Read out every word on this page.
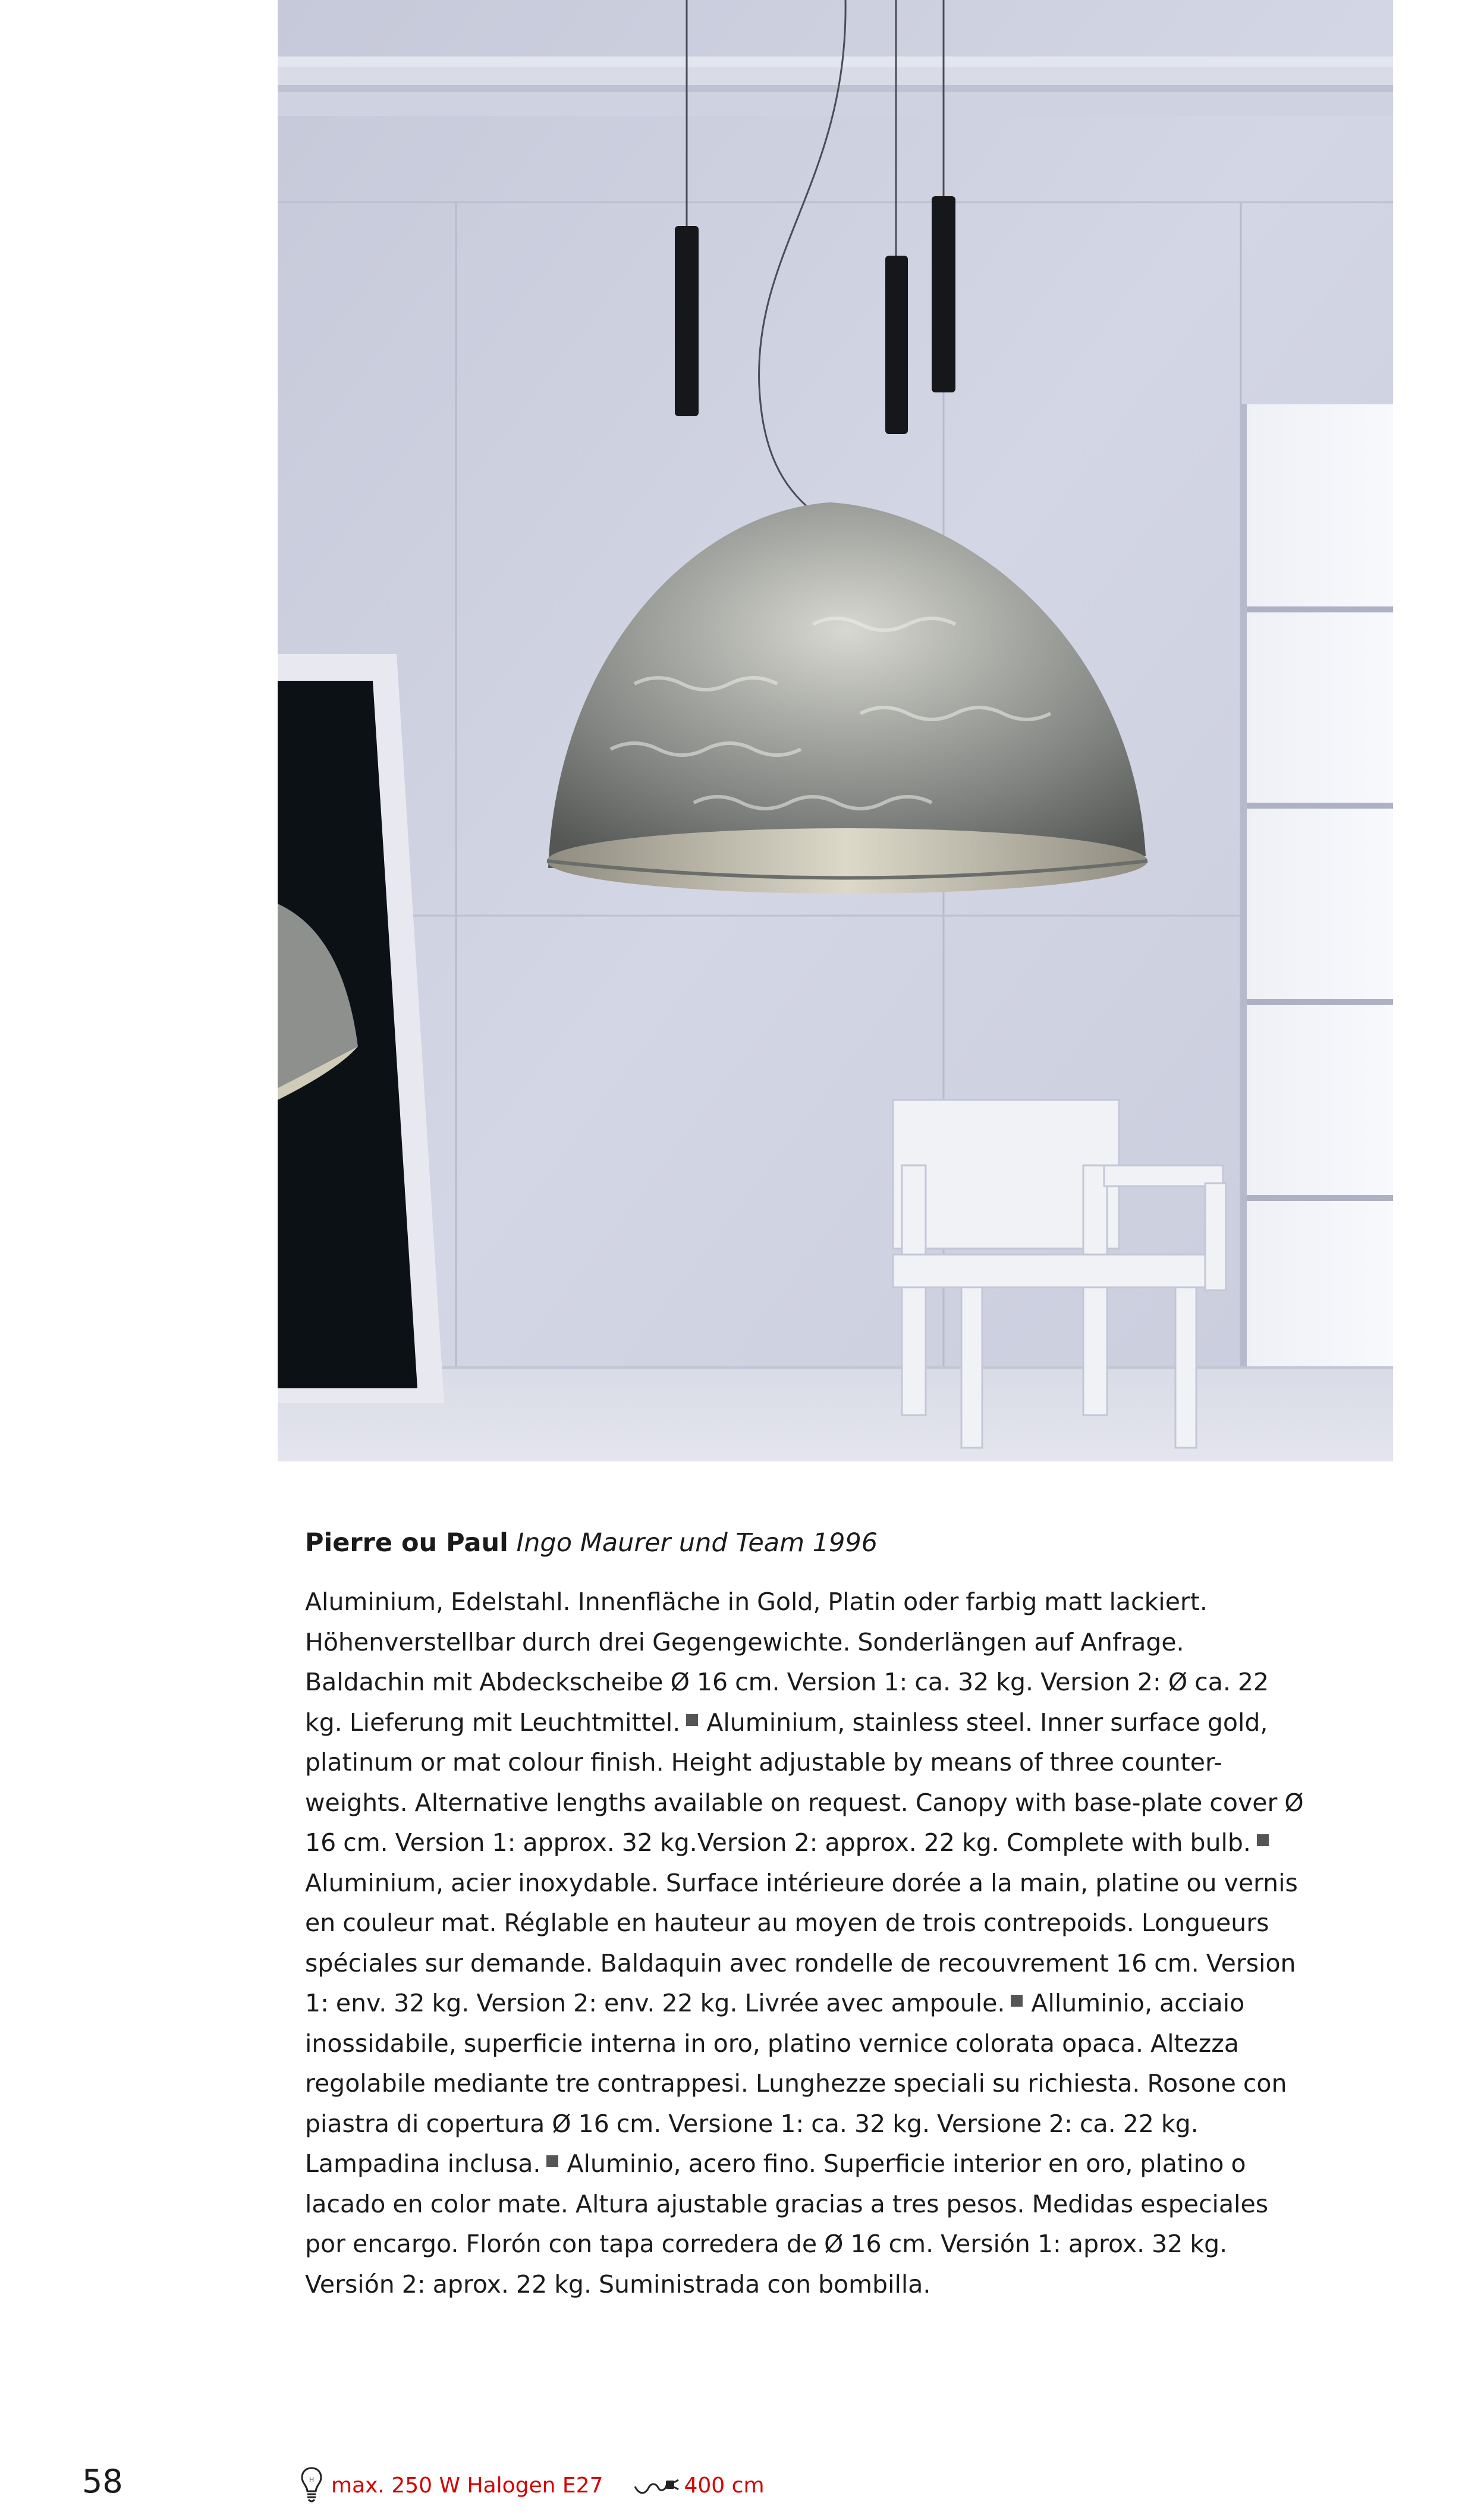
Pierre ou Paul Ingo Maurer und Team 1996

Aluminium, Edelstahl. Innenfläche in Gold, Platin oder farbig matt lackiert. Höhenverstellbar durch drei Gegengewichte. Sonderlängen auf Anfrage. Baldachin mit Abdeckscheibe Ø 16 cm. Version 1: ca. 32 kg. Version 2: Ø ca. 22 kg. Lieferung mit Leuchtmittel. Aluminium, stainless steel. Inner surface gold, platinum or mat colour finish. Height adjustable by means of three counter-weights. Alternative lengths available on request. Canopy with base-plate cover Ø 16 cm. Version 1: approx. 32 kg.Version 2: approx. 22 kg. Complete with bulb.Aluminium, acier inoxydable. Surface intérieure dorée a la main, platine ou vernis en couleur mat. Réglable en hauteur au moyen de trois contrepoids. Longueurs spéciales sur demande. Baldaquin avec rondelle de recouvrement 16 cm. Version 1: env. 32 kg. Version 2: env. 22 kg. Livrée avec ampoule. Alluminio, acciaio inossidabile, superficie interna in oro, platino vernice colorata opaca. Altezza regolabile mediante tre contrappesi. Lunghezze speciali su richiesta. Rosone con piastra di copertura Ø 16 cm. Versione 1: ca. 32 kg. Versione 2: ca. 22 kg. Lampadina inclusa. Aluminio, acero fino. Superficie interior en oro, platino o lacado en color mate. Altura ajustable gracias a tres pesos. Medidas especiales por encargo. Florón con tapa corredera de Ø 16 cm. Versión 1: aprox. 32 kg. Versión 2: aprox. 22 kg. Suministrada con bombilla.

58	H max. 250 W Halogen E27	400 cm
